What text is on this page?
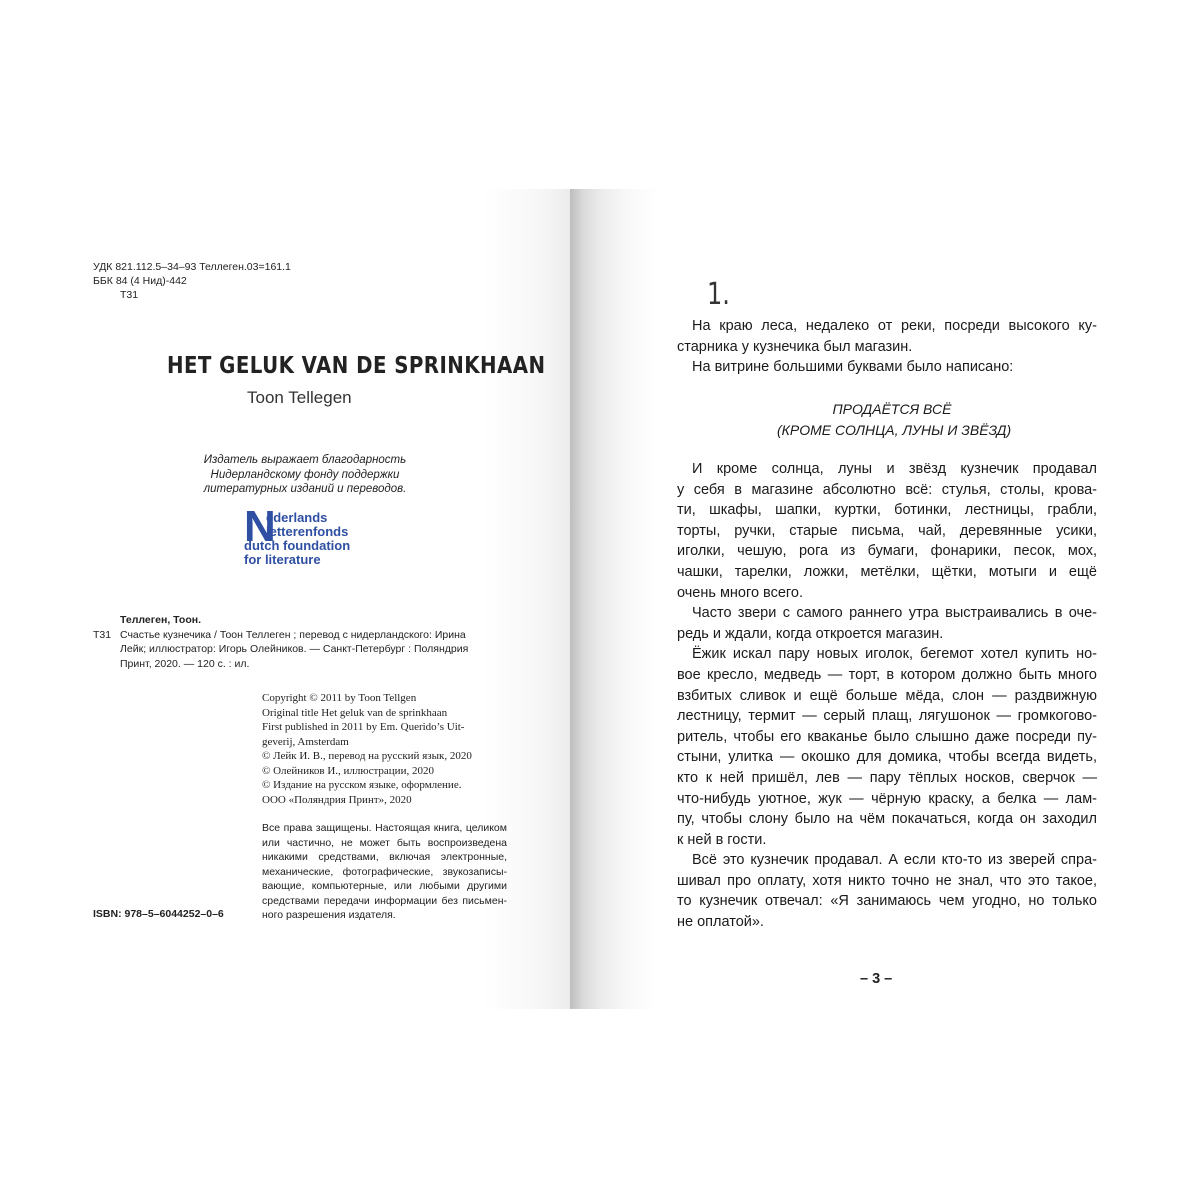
УДК 821.112.5–34–93 Теллеген.03=161.1
ББК 84 (4 Нид)-442
Т31
HET GELUK VAN DE SPRINKHAAN
Toon Tellegen
Издатель выражает благодарность
Нидерландскому фонду поддержки
литературных изданий и переводов.
N
ederlands
letterenfonds
dutch foundation
for literature
Теллеген, Тоон.
Т31 Счастье кузнечика / Тоон Теллеген ; перевод с нидерландского: Ирина
Лейк; иллюстратор: Игорь Олейников. — Санкт-Петербург : Поляндрия
Принт, 2020. — 120 с. : ил.
Copyright © 2011 by Toon Tellgen
Original title Het geluk van de sprinkhaan
First published in 2011 by Em. Querido’s Uit-
geverij, Amsterdam
© Лейк И. В., перевод на русский язык, 2020
© Олейников И., иллюстрации, 2020
© Издание на русском языке, оформление.
ООО «Поляндрия Принт», 2020
Все права защищены. Настоящая книга, целиком
или частично, не может быть воспроизведена
никакими средствами, включая электронные,
механические, фотографические, звукозаписы-
вающие, компьютерные, или любыми другими
средствами передачи информации без письмен-
ного разрешения издателя.
ISBN: 978–5–6044252–0–6
1.
На краю леса, недалеко от реки, посреди высокого ку-
старника у кузнечика был магазин.
На витрине большими буквами было написано:
ПРОДАЁТСЯ ВСЁ
(КРОМЕ СОЛНЦА, ЛУНЫ И ЗВЁЗД)
И кроме солнца, луны и звёзд кузнечик продавал
у себя в магазине абсолютно всё: стулья, столы, крова-
ти, шкафы, шапки, куртки, ботинки, лестницы, грабли,
торты, ручки, старые письма, чай, деревянные усики,
иголки, чешую, рога из бумаги, фонарики, песок, мох,
чашки, тарелки, ложки, метёлки, щётки, мотыги и ещё
очень много всего.
Часто звери с самого раннего утра выстраивались в оче-
редь и ждали, когда откроется магазин.
Ёжик искал пару новых иголок, бегемот хотел купить но-
вое кресло, медведь — торт, в котором должно быть много
взбитых сливок и ещё больше мёда, слон — раздвижную
лестницу, термит — серый плащ, лягушонок — громкогово-
ритель, чтобы его кваканье было слышно даже посреди пу-
стыни, улитка — окошко для домика, чтобы всегда видеть,
кто к ней пришёл, лев — пару тёплых носков, сверчок —
что-нибудь уютное, жук — чёрную краску, а белка — лам-
пу, чтобы слону было на чём покачаться, когда он заходил
к ней в гости.
Всё это кузнечик продавал. А если кто-то из зверей спра-
шивал про оплату, хотя никто точно не знал, что это такое,
то кузнечик отвечал: «Я занимаюсь чем угодно, но только
не оплатой».
– 3 –
